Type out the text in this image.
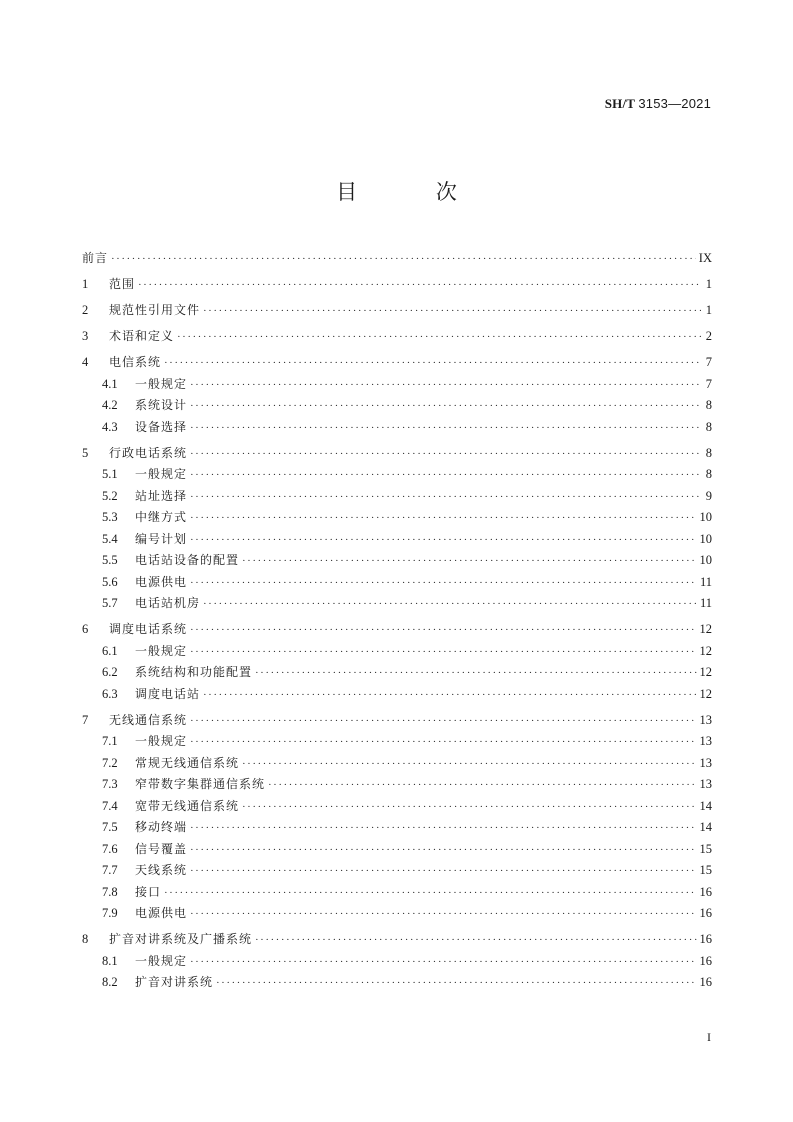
SH/T 3153—2021
目 次
前言 ·····	IX
1	范围 ·····	1
2	规范性引用文件 ·····	1
3	术语和定义 ·····	2
4	电信系统 ·····	7
4.1	一般规定 ·····	7
4.2	系统设计 ·····	8
4.3	设备选择 ·····	8
5	行政电话系统 ·····	8
5.1	一般规定 ·····	8
5.2	站址选择 ·····	9
5.3	中继方式 ·····	10
5.4	编号计划 ·····	10
5.5	电话站设备的配置 ·····	10
5.6	电源供电 ·····	11
5.7	电话站机房 ·····	11
6	调度电话系统 ·····	12
6.1	一般规定 ·····	12
6.2	系统结构和功能配置 ·····	12
6.3	调度电话站 ·····	12
7	无线通信系统 ·····	13
7.1	一般规定 ·····	13
7.2	常规无线通信系统 ·····	13
7.3	窄带数字集群通信系统 ·····	13
7.4	宽带无线通信系统 ·····	14
7.5	移动终端 ·····	14
7.6	信号覆盖 ·····	15
7.7	天线系统 ·····	15
7.8	接口 ·····	16
7.9	电源供电 ·····	16
8	扩音对讲系统及广播系统 ·····	16
8.1	一般规定 ·····	16
8.2	扩音对讲系统 ·····	16
I
